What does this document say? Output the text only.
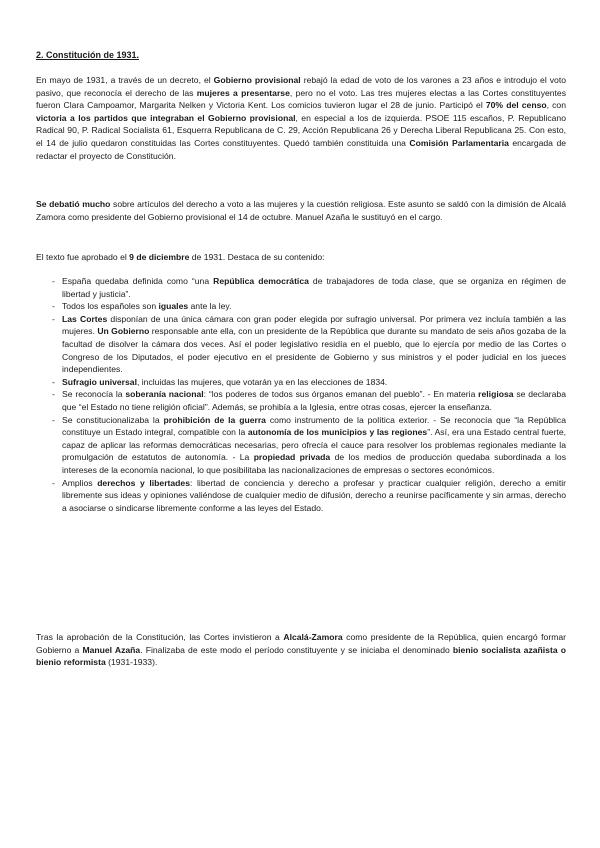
2. Constitución de 1931.
En mayo de 1931, a través de un decreto, el Gobierno provisional rebajó la edad de voto de los varones a 23 años e introdujo el voto pasivo, que reconocía el derecho de las mujeres a presentarse, pero no el voto. Las tres mujeres electas a las Cortes constituyentes fueron Clara Campoamor, Margarita Nelken y Victoria Kent. Los comicios tuvieron lugar el 28 de junio. Participó el 70% del censo, con victoria a los partidos que integraban el Gobierno provisional, en especial a los de izquierda. PSOE 115 escaños, P. Republicano Radical 90, P. Radical Socialista 61, Esquerra Republicana de C. 29, Acción Republicana 26 y Derecha Liberal Republicana 25. Con esto, el 14 de julio quedaron constituidas las Cortes constituyentes. Quedó también constituida una Comisión Parlamentaria encargada de redactar el proyecto de Constitución.
Se debatió mucho sobre artículos del derecho a voto a las mujeres y la cuestión religiosa. Este asunto se saldó con la dimisión de Alcalá Zamora como presidente del Gobierno provisional el 14 de octubre. Manuel Azaña le sustituyó en el cargo.
El texto fue aprobado el 9 de diciembre de 1931. Destaca de su contenido:
- España quedaba definida como “una República democrática de trabajadores de toda clase, que se organiza en régimen de libertad y justicia”.
- Todos los españoles son iguales ante la ley.
- Las Cortes disponían de una única cámara con gran poder elegida por sufragio universal. Por primera vez incluía también a las mujeres. Un Gobierno responsable ante ella, con un presidente de la República que durante su mandato de seis años gozaba de la facultad de disolver la cámara dos veces. Así el poder legislativo residía en el pueblo, que lo ejercía por medio de las Cortes o Congreso de los Diputados, el poder ejecutivo en el presidente de Gobierno y sus ministros y el poder judicial en los jueces independientes.
- Sufragio universal, incluidas las mujeres, que votarán ya en las elecciones de 1834.
- Se reconocía la soberanía nacional: “los poderes de todos sus órganos emanan del pueblo”. - En materia religiosa se declaraba que “el Estado no tiene religión oficial”. Además, se prohibía a la Iglesia, entre otras cosas, ejercer la enseñanza.
- Se constitucionalizaba la prohibición de la guerra como instrumento de la política exterior. - Se reconocía que “la República constituye un Estado integral, compatible con la autonomía de los municipios y las regiones”. Así, era una Estado central fuerte, capaz de aplicar las reformas democráticas necesarias, pero ofrecía el cauce para resolver los problemas regionales mediante la promulgación de estatutos de autonomía. - La propiedad privada de los medios de producción quedaba subordinada a los intereses de la economía nacional, lo que posibilitaba las nacionalizaciones de empresas o sectores económicos.
- Amplios derechos y libertades: libertad de conciencia y derecho a profesar y practicar cualquier religión, derecho a emitir libremente sus ideas y opiniones valiéndose de cualquier medio de difusión, derecho a reunirse pacíficamente y sin armas, derecho a asociarse o sindicarse libremente conforme a las leyes del Estado.
Tras la aprobación de la Constitución, las Cortes invistieron a Alcalá-Zamora como presidente de la República, quien encargó formar Gobierno a Manuel Azaña. Finalizaba de este modo el período constituyente y se iniciaba el denominado bienio socialista azañista o bienio reformista (1931-1933).
